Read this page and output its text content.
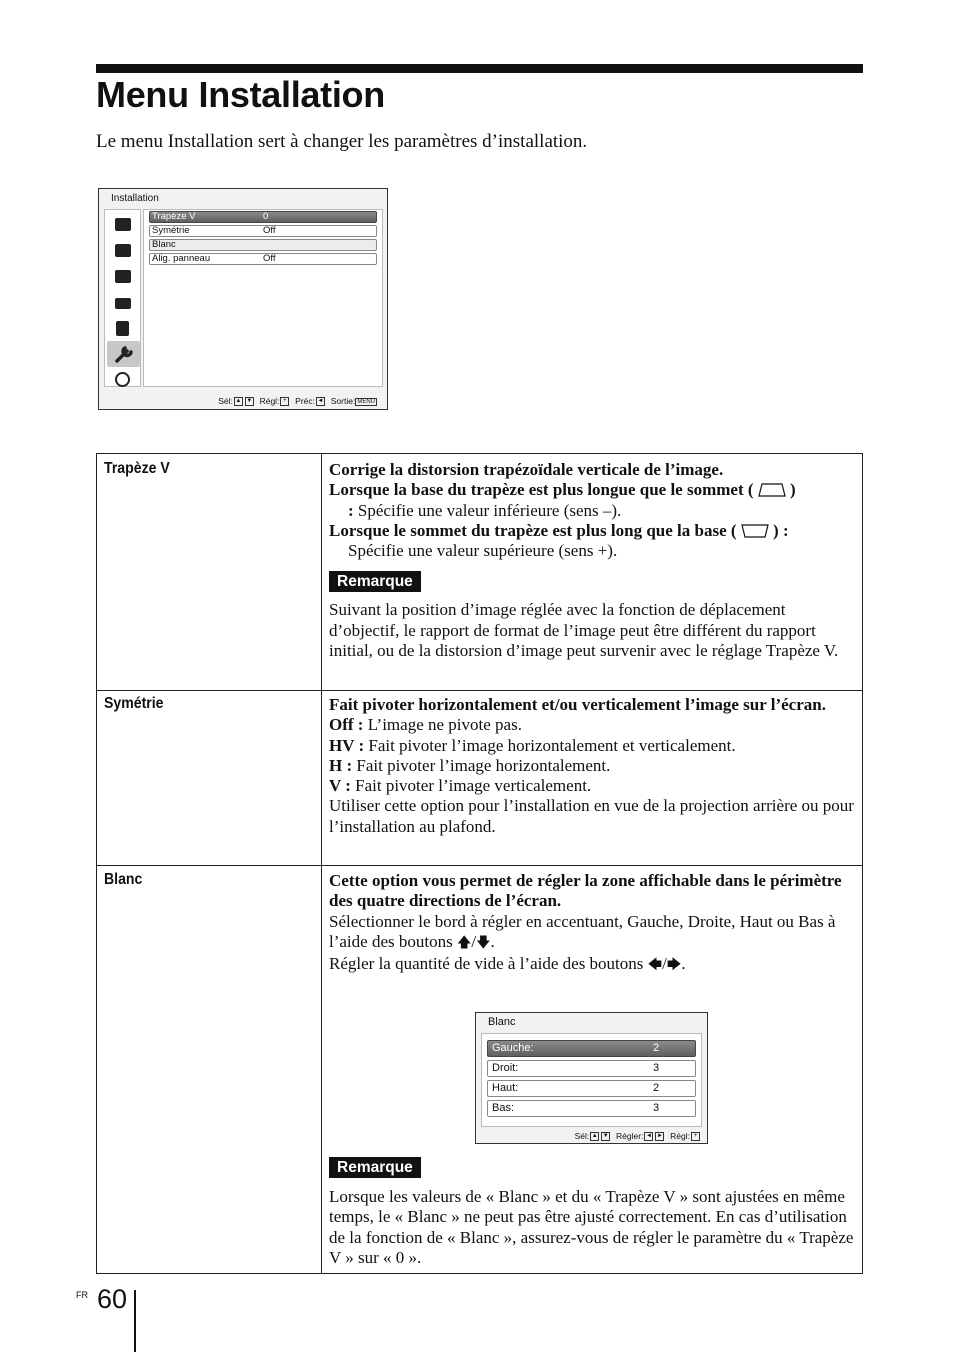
Menu Installation
Le menu Installation sert à changer les paramètres d’installation.
Installation
Trapèze V	0
Symétrie	Off
Blanc
Alig. panneau	Off
Sél: ▲ ▼ Régl: + Préc: ◄ Sortie: MENU
Trapèze V	Corrige la distorsion trapézoïdale verticale de l’image.

Lorsque la base du trapèze est plus longue que le sommet ( )

: Spécifie une valeur inférieure (sens –).

Lorsque le sommet du trapèze est plus long que la base ( ) :

Spécifie une valeur supérieure (sens +).

Remarque

Suivant la position d’image réglée avec la fonction de déplacement d’objectif, le rapport de format de l’image peut être différent du rapport initial, ou de la distorsion d’image peut survenir avec le réglage Trapèze V.

Symétrie	Fait pivoter horizontalement et/ou verticalement l’image sur l’écran.

Off : L’image ne pivote pas.

HV : Fait pivoter l’image horizontalement et verticalement.

H : Fait pivoter l’image horizontalement.

V : Fait pivoter l’image verticalement.

Utiliser cette option pour l’installation en vue de la projection arrière ou pour l’installation au plafond.

Blanc	Cette option vous permet de régler la zone affichable dans le périmètre des quatre directions de l’écran.

Sélectionner le bord à régler en accentuant, Gauche, Droite, Haut ou Bas à l’aide des boutons 🡅/🡇.

Régler la quantité de vide à l’aide des boutons 🡄/🡆.

Remarque

Lorsque les valeurs de « Blanc » et du « Trapèze V » sont ajustées en même temps, le « Blanc » ne peut pas être ajusté correctement. En cas d’utilisation de la fonction de « Blanc », assurez-vous de régler le paramètre du « Trapèze V » sur « 0 ».

Blanc
Gauche:	2
Droit:	3
Haut:	2
Bas:	3
Sél: ▲ ▼ Régler: ◄ ► Régl: +
FR 60
